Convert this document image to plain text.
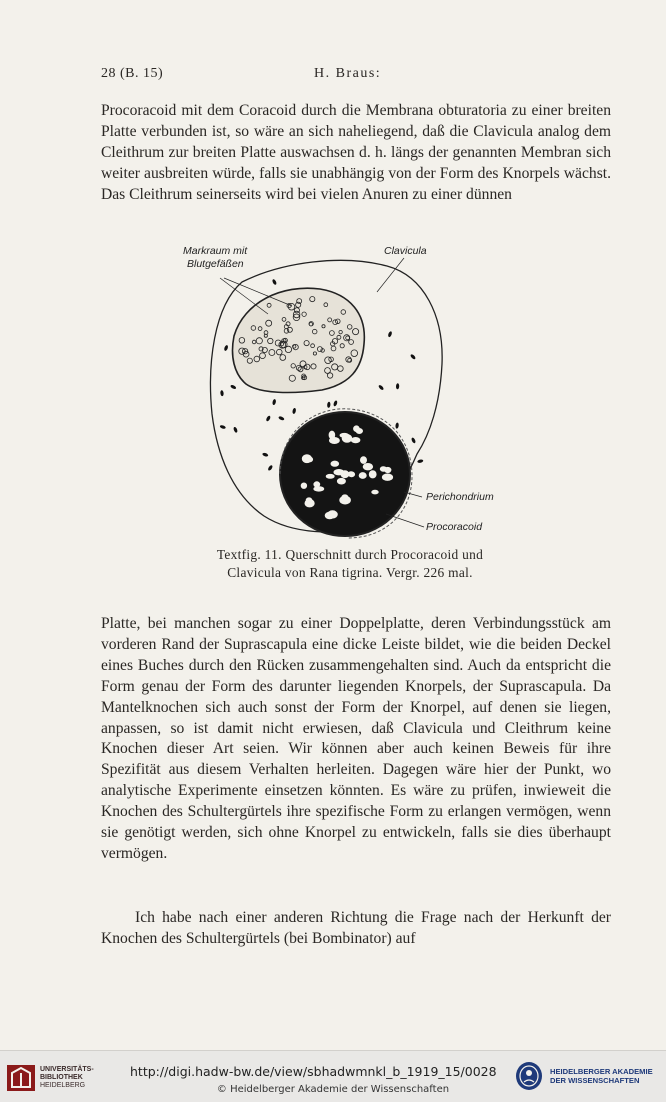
28 (B. 15)	H. Braus:

Procoracoid mit dem Coracoid durch die Membrana obturatoria zu einer breiten Platte verbunden ist, so wäre an sich naheliegend, daß die Clavicula analog dem Cleithrum zur breiten Platte auswachsen d. h. längs der genannten Membran sich weiter ausbreiten würde, falls sie unabhängig von der Form des Knorpels wächst. Das Cleithrum seinerseits wird bei vielen Anuren zu einer dünnen

Markraum mit
Blutgefäßen
Clavicula
Perichondrium
Procoracoid
Textfig. 11. Querschnitt durch Procoracoid und
Clavicula von Rana tigrina. Vergr. 226 mal.

Platte, bei manchen sogar zu einer Doppelplatte, deren Verbindungsstück am vorderen Rand der Suprascapula eine dicke Leiste bildet, wie die beiden Deckel eines Buches durch den Rücken zusammengehalten sind. Auch da entspricht die Form genau der Form des darunter liegenden Knorpels, der Suprascapula. Da Mantelknochen sich auch sonst der Form der Knorpel, auf denen sie liegen, anpassen, so ist damit nicht erwiesen, daß Clavicula und Cleithrum keine Knochen dieser Art seien. Wir können aber auch keinen Beweis für ihre Spezifität aus diesem Verhalten herleiten. Dagegen wäre hier der Punkt, wo analytische Experimente einsetzen könnten. Es wäre zu prüfen, inwieweit die Knochen des Schultergürtels ihre spezifische Form zu erlangen vermögen, wenn sie genötigt werden, sich ohne Knorpel zu entwickeln, falls sie dies überhaupt vermögen.

Ich habe nach einer anderen Richtung die Frage nach der Herkunft der Knochen des Schultergürtels (bei Bombinator) auf

UNIVERSITÄTS-
BIBLIOTHEK
HEIDELBERG
http://digi.hadw-bw.de/view/sbhadwmnkl_b_1919_15/0028
© Heidelberger Akademie der Wissenschaften
HEIDELBERGER AKADEMIE
DER WISSENSCHAFTEN
